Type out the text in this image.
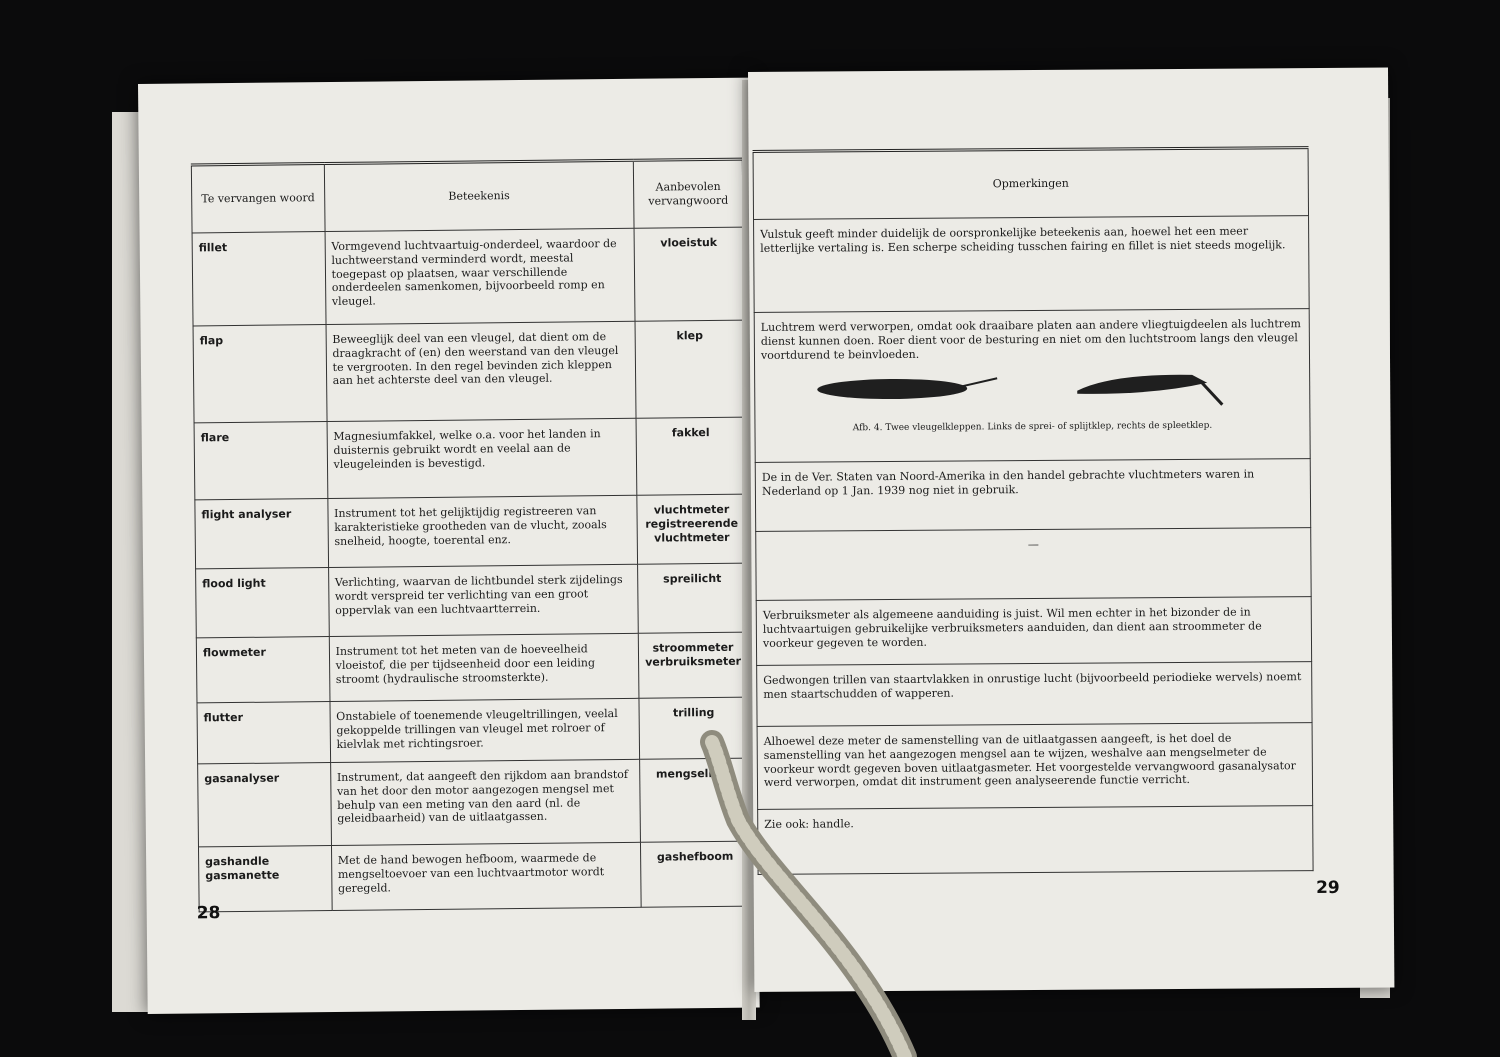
Te vervangen woord	Beteekenis	Aanbevolen vervangwoord
fillet	Vormgevend luchtvaartuig-onderdeel, waardoor de luchtweerstand verminderd wordt, meestal toegepast op plaatsen, waar verschillende onderdeelen samenkomen, bijvoorbeeld romp en vleugel.	vloeistuk

flap	Beweeglijk deel van een vleugel, dat dient om de draagkracht of (en) den weerstand van den vleugel te vergrooten. In den regel bevinden zich kleppen aan het achterste deel van den vleugel.	klep

flare	Magnesiumfakkel, welke o.a. voor het landen in duisternis gebruikt wordt en veelal aan de vleugeleinden is bevestigd.	fakkel

flight analyser	Instrument tot het gelijktijdig registreeren van karakteristieke grootheden van de vlucht, zooals snelheid, hoogte, toerental enz.	vluchtmeter
registreerende
vluchtmeter

flood light	Verlichting, waarvan de lichtbundel sterk zijdelings wordt verspreid ter verlichting van een groot oppervlak van een luchtvaartterrein.	spreilicht

flowmeter	Instrument tot het meten van de hoeveelheid vloeistof, die per tijdseenheid door een leiding stroomt (hydraulische stroomsterkte).	stroommeter
verbruiksmeter

flutter	Onstabiele of toenemende vleugeltrillingen, veelal gekoppelde trillingen van vleugel met rolroer of kielvlak met richtingsroer.	trilling

gasanalyser	Instrument, dat aangeeft den rijkdom aan brandstof van het door den motor aangezogen mengsel met behulp van een meting van den aard (nl. de geleidbaarheid) van de uitlaatgassen.	mengselmet

gashandle gasmanette	Met de hand bewogen hefboom, waarmede de mengseltoevoer van een luchtvaartmotor wordt geregeld.	gashefboom
28
Opmerkingen
Vulstuk geeft minder duidelijk de oorspronkelijke beteekenis aan, hoewel het een meer letterlijke vertaling is. Een scherpe scheiding tusschen fairing en fillet is niet steeds mogelijk.

Luchtrem werd verworpen, omdat ook draaibare platen aan andere vliegtuigdeelen als luchtrem dienst kunnen doen. Roer dient voor de besturing en niet om den luchtstroom langs den vleugel voortdurend te beinvloeden.
Afb. 4. Twee vleugelkleppen. Links de sprei- of splijtklep, rechts de spleetklep.

De in de Ver. Staten van Noord-Amerika in den handel gebrachte vluchtmeters waren in Nederland op 1 Jan. 1939 nog niet in gebruik.
—
Verbruiksmeter als algemeene aanduiding is juist. Wil men echter in het bizonder de in luchtvaartuigen gebruikelijke verbruiksmeters aanduiden, dan dient aan stroommeter de voorkeur gegeven te worden.
Gedwongen trillen van staartvlakken in onrustige lucht (bijvoorbeeld periodieke wervels) noemt men staartschudden of wapperen.
Alhoewel deze meter de samenstelling van de uitlaatgassen aangeeft, is het doel de samenstelling van het aangezogen mengsel aan te wijzen, weshalve aan mengselmeter de voorkeur wordt gegeven boven uitlaatgasmeter. Het voorgestelde vervangwoord gasanalysator werd verworpen, omdat dit instrument geen analyseerende functie verricht.
Zie ook: handle.
29
